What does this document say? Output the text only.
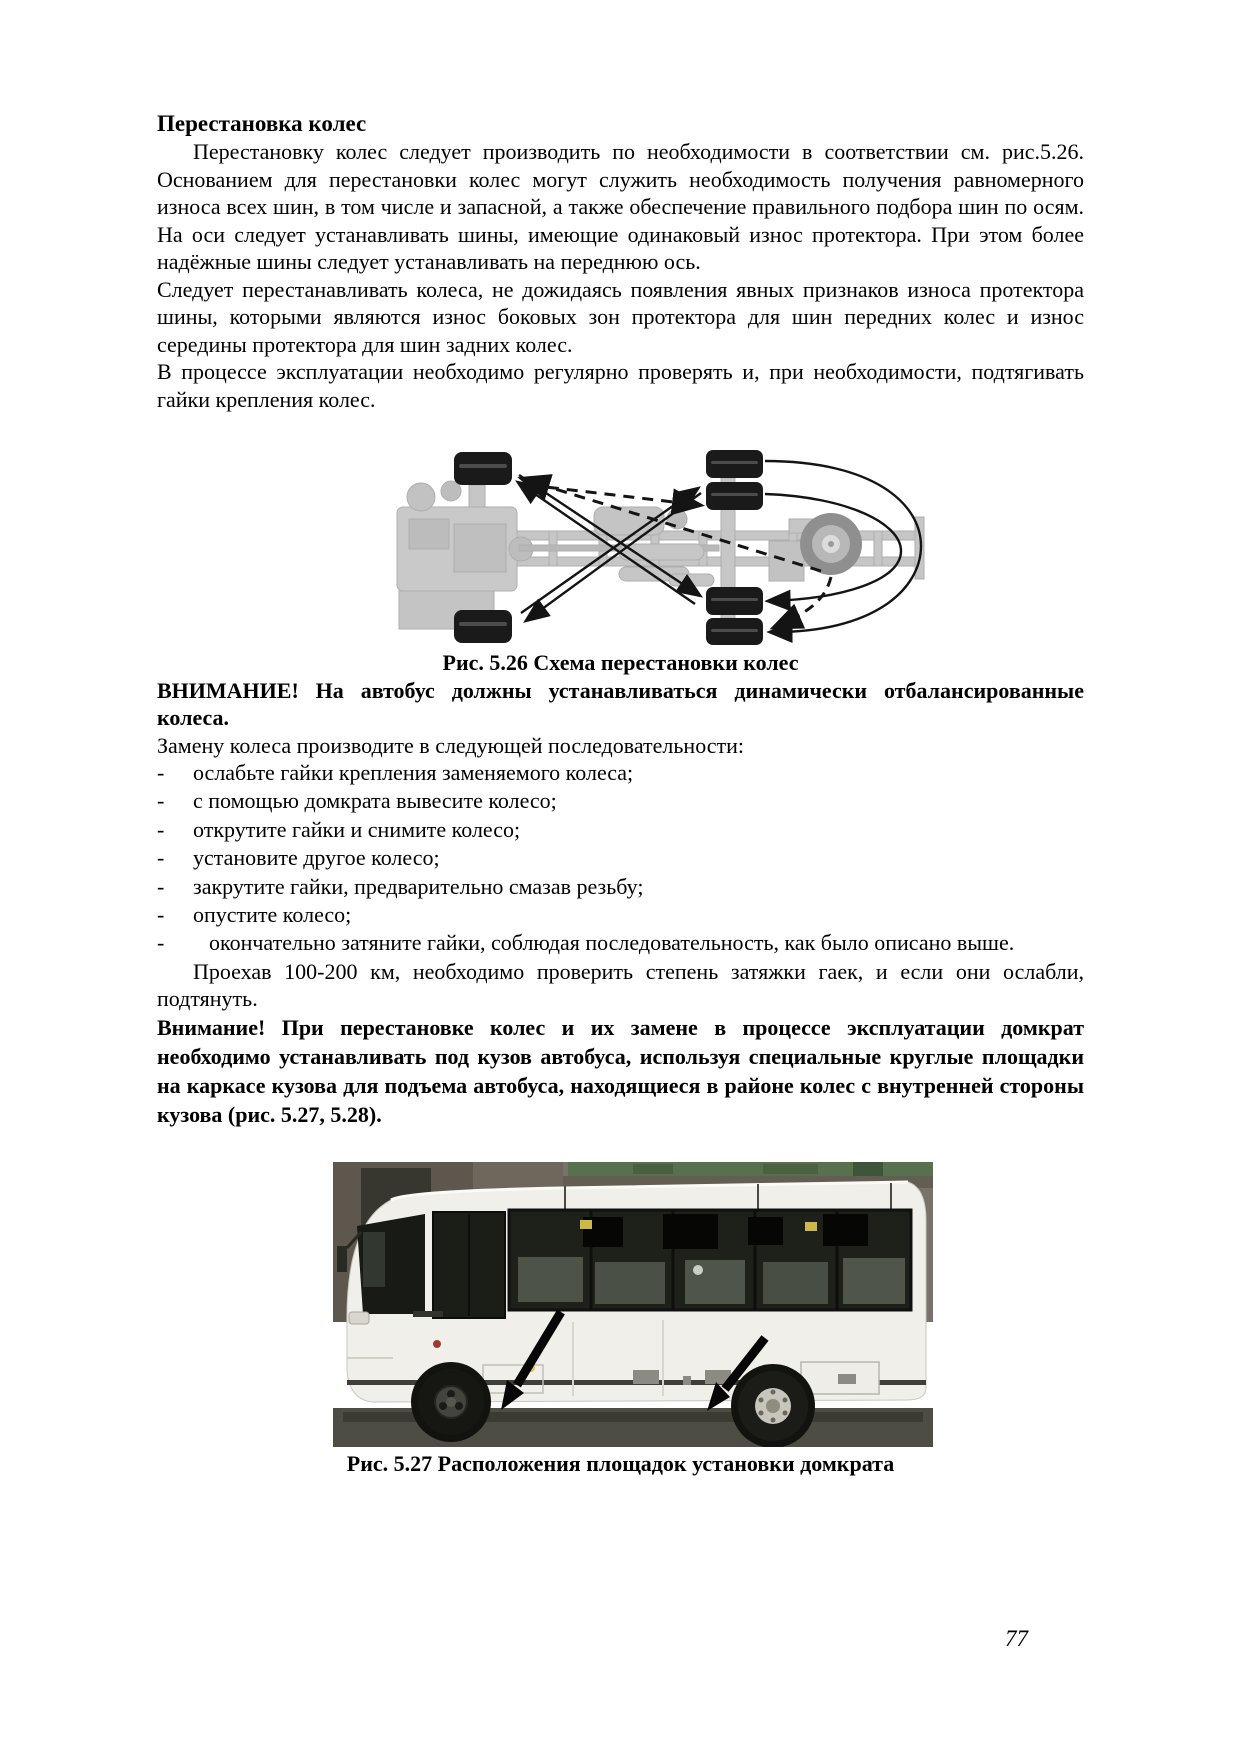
Перестановка колес

Перестановку колес следует производить по необходимости в соответствии см. рис.5.26. Основанием для перестановки колес могут служить необходимость получения равномерного износа всех шин, в том числе и запасной, а также обеспечение правильного подбора шин по осям. На оси следует устанавливать шины, имеющие одинаковый износ протектора. При этом более надёжные шины следует устанавливать на переднюю ось.

Следует перестанавливать колеса, не дожидаясь появления явных признаков износа протектора шины, которыми являются износ боковых зон протектора для шин передних колес и износ середины протектора для шин задних колес.

В процессе эксплуатации необходимо регулярно проверять и, при необходимости, подтягивать гайки крепления колес.

Рис. 5.26 Схема перестановки колес

ВНИМАНИЕ! На автобус должны устанавливаться динамически отбалансированные колеса.

Замену колеса производите в следующей последовательности:

-	ослабьте гайки крепления заменяемого колеса;
-	с помощью домкрата вывесите колесо;
-	открутите гайки и снимите колесо;
-	установите другое колесо;
-	закрутите гайки, предварительно смазав резьбу;
-	опустите колесо;
-	окончательно затяните гайки, соблюдая последовательность, как было описано выше.

Проехав 100-200 км, необходимо проверить степень затяжки гаек, и если они ослабли, подтянуть.

Внимание! При перестановке колес и их замене в процессе эксплуатации домкрат необходимо устанавливать под кузов автобуса, используя специальные круглые площадки на каркасе кузова для подъема автобуса, находящиеся в районе колес с внутренней стороны кузова (рис. 5.27, 5.28).

Рис. 5.27 Расположения площадок установки домкрата

77
